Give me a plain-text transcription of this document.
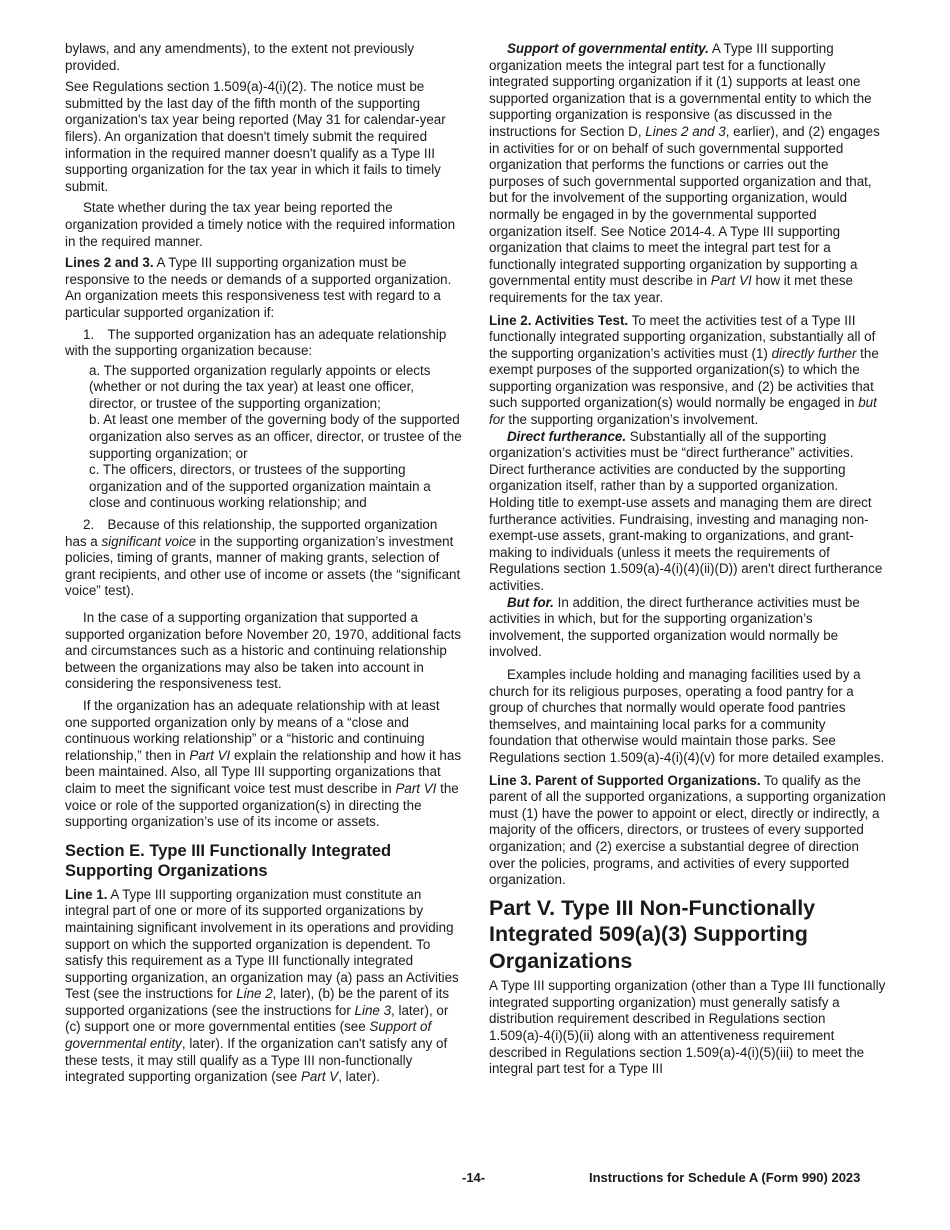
bylaws, and any amendments), to the extent not previously provided.

See Regulations section 1.509(a)-4(i)(2). The notice must be submitted by the last day of the fifth month of the supporting organization's tax year being reported (May 31 for calendar-year filers). An organization that doesn't timely submit the required information in the required manner doesn't qualify as a Type III supporting organization for the tax year in which it fails to timely submit.

State whether during the tax year being reported the organization provided a timely notice with the required information in the required manner.

Lines 2 and 3. A Type III supporting organization must be responsive to the needs or demands of a supported organization. An organization meets this responsiveness test with regard to a particular supported organization if:

1. The supported organization has an adequate relationship with the supporting organization because:

a. The supported organization regularly appoints or elects (whether or not during the tax year) at least one officer, director, or trustee of the supporting organization;

b. At least one member of the governing body of the supported organization also serves as an officer, director, or trustee of the supporting organization; or

c. The officers, directors, or trustees of the supporting organization and of the supported organization maintain a close and continuous working relationship; and

2. Because of this relationship, the supported organization has a significant voice in the supporting organization’s investment policies, timing of grants, manner of making grants, selection of grant recipients, and other use of income or assets (the “significant voice” test).

In the case of a supporting organization that supported a supported organization before November 20, 1970, additional facts and circumstances such as a historic and continuing relationship between the organizations may also be taken into account in considering the responsiveness test.

If the organization has an adequate relationship with at least one supported organization only by means of a “close and continuous working relationship” or a “historic and continuing relationship,” then in Part VI explain the relationship and how it has been maintained. Also, all Type III supporting organizations that claim to meet the significant voice test must describe in Part VI the voice or role of the supported organization(s) in directing the supporting organization’s use of its income or assets.

Section E. Type III Functionally Integrated Supporting Organizations

Line 1. A Type III supporting organization must constitute an integral part of one or more of its supported organizations by maintaining significant involvement in its operations and providing support on which the supported organization is dependent. To satisfy this requirement as a Type III functionally integrated supporting organization, an organization may (a) pass an Activities Test (see the instructions for Line 2, later), (b) be the parent of its supported organizations (see the instructions for Line 3, later), or (c) support one or more governmental entities (see Support of governmental entity, later). If the organization can't satisfy any of these tests, it may still qualify as a Type III non-functionally integrated supporting organization (see Part V, later).

Support of governmental entity. A Type III supporting organization meets the integral part test for a functionally integrated supporting organization if it (1) supports at least one supported organization that is a governmental entity to which the supporting organization is responsive (as discussed in the instructions for Section D, Lines 2 and 3, earlier), and (2) engages in activities for or on behalf of such governmental supported organization that performs the functions or carries out the purposes of such governmental supported organization and that, but for the involvement of the supporting organization, would normally be engaged in by the governmental supported organization itself. See Notice 2014-4. A Type III supporting organization that claims to meet the integral part test for a functionally integrated supporting organization by supporting a governmental entity must describe in Part VI how it met these requirements for the tax year.

Line 2. Activities Test. To meet the activities test of a Type III functionally integrated supporting organization, substantially all of the supporting organization’s activities must (1) directly further the exempt purposes of the supported organization(s) to which the supporting organization was responsive, and (2) be activities that such supported organization(s) would normally be engaged in but for the supporting organization’s involvement.

Direct furtherance. Substantially all of the supporting organization’s activities must be “direct furtherance” activities. Direct furtherance activities are conducted by the supporting organization itself, rather than by a supported organization. Holding title to exempt-use assets and managing them are direct furtherance activities. Fundraising, investing and managing non-exempt-use assets, grant-making to organizations, and grant-making to individuals (unless it meets the requirements of Regulations section 1.509(a)-4(i)(4)(ii)(D)) aren't direct furtherance activities.

But for. In addition, the direct furtherance activities must be activities in which, but for the supporting organization’s involvement, the supported organization would normally be involved.

Examples include holding and managing facilities used by a church for its religious purposes, operating a food pantry for a group of churches that normally would operate food pantries themselves, and maintaining local parks for a community foundation that otherwise would maintain those parks. See Regulations section 1.509(a)-4(i)(4)(v) for more detailed examples.

Line 3. Parent of Supported Organizations. To qualify as the parent of all the supported organizations, a supporting organization must (1) have the power to appoint or elect, directly or indirectly, a majority of the officers, directors, or trustees of every supported organization; and (2) exercise a substantial degree of direction over the policies, programs, and activities of every supported organization.

Part V. Type III Non-Functionally Integrated 509(a)(3) Supporting Organizations

A Type III supporting organization (other than a Type III functionally integrated supporting organization) must generally satisfy a distribution requirement described in Regulations section 1.509(a)-4(i)(5)(ii) along with an attentiveness requirement described in Regulations section 1.509(a)-4(i)(5)(iii) to meet the integral part test for a Type III

-14-	Instructions for Schedule A (Form 990) 2023
